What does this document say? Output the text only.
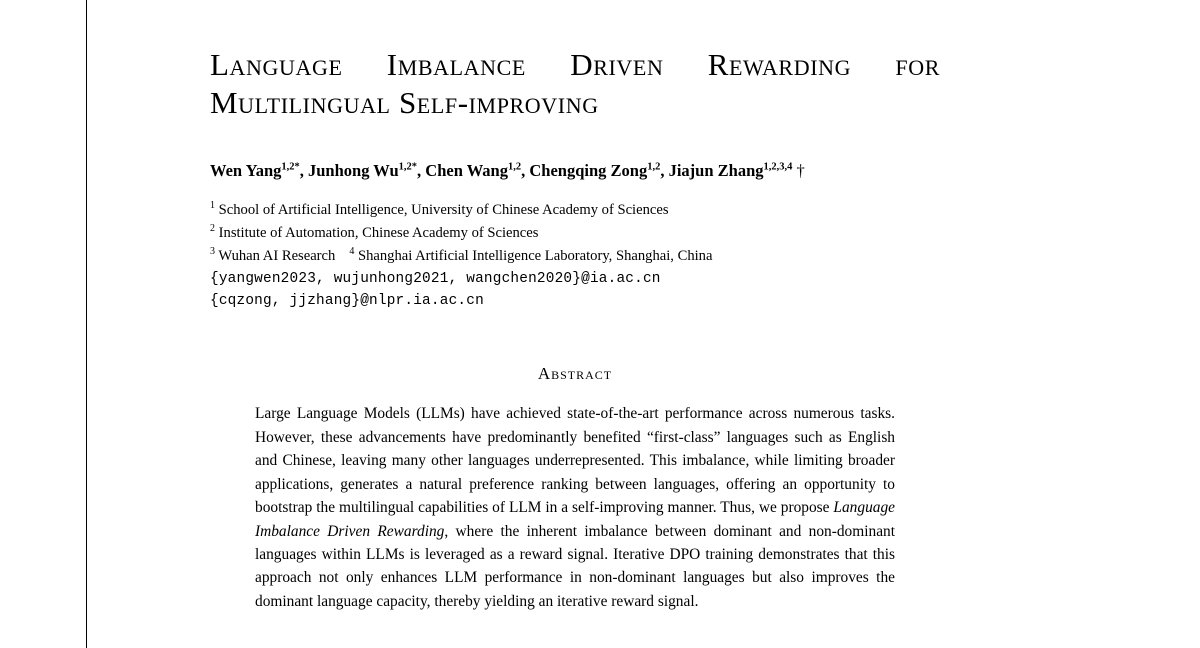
Language Imbalance Driven Rewarding for
Multilingual Self-improving
Wen Yang$^{1,2*}$, Junhong $Wu^{1,2*}$, Chen Wang$^{1,2}$, Chengqing Zong$^{1,2}$, Jiajun Zhang$^{1,2,3,4}$ †
$^1$ School of Artificial Intelligence, University of Chinese Academy of Sciences
$^2$ Institute of Automation, Chinese Academy of Sciences
$^3$ Wuhan AI Research $^4$ Shanghai Artificial Intelligence Laboratory, Shanghai, China
{yangwen2023, wujunhong2021, wangchen2020}@ia.ac.cn
{cqzong, jjzhang}@nlpr.ia.ac.cn
Abstract
Large Language Models (LLMs) have achieved state-of-the-art performance across numerous tasks. However, these advancements have predominantly benefited “first-class” languages such as English and Chinese, leaving many other languages underrepresented. This imbalance, while limiting broader applications, generates a natural preference ranking between languages, offering an opportunity to bootstrap the multilingual capabilities of LLM in a self-improving manner. Thus, we propose Language Imbalance Driven Rewarding, where the inherent imbalance between dominant and non-dominant languages within LLMs is leveraged as a reward signal. Iterative DPO training demonstrates that this approach not only enhances LLM performance in non-dominant languages but also improves the dominant language capacity, thereby yielding an iterative reward signal.
